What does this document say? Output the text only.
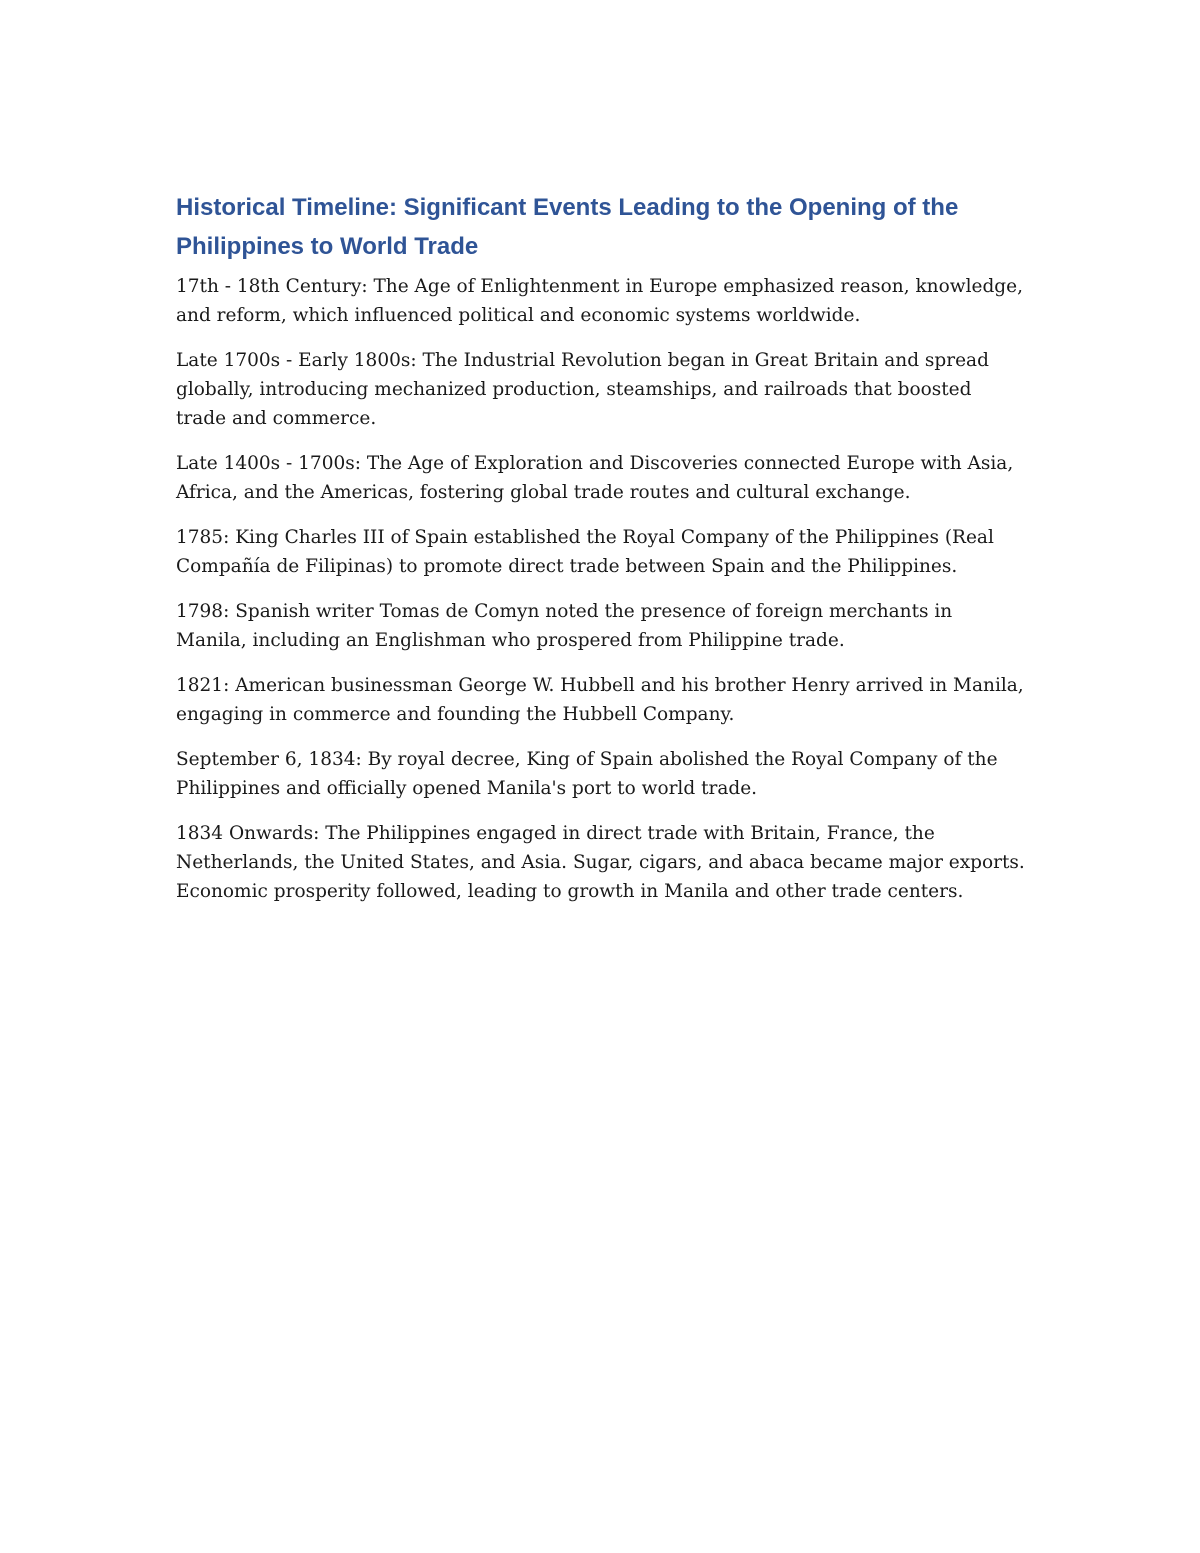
Historical Timeline: Significant Events Leading to the Opening of the Philippines to World Trade

17th - 18th Century: The Age of Enlightenment in Europe emphasized reason, knowledge, and reform, which influenced political and economic systems worldwide.

Late 1700s - Early 1800s: The Industrial Revolution began in Great Britain and spread globally, introducing mechanized production, steamships, and railroads that boosted trade and commerce.

Late 1400s - 1700s: The Age of Exploration and Discoveries connected Europe with Asia, Africa, and the Americas, fostering global trade routes and cultural exchange.

1785: King Charles III of Spain established the Royal Company of the Philippines (Real Compañía de Filipinas) to promote direct trade between Spain and the Philippines.

1798: Spanish writer Tomas de Comyn noted the presence of foreign merchants in Manila, including an Englishman who prospered from Philippine trade.

1821: American businessman George W. Hubbell and his brother Henry arrived in Manila, engaging in commerce and founding the Hubbell Company.

September 6, 1834: By royal decree, King of Spain abolished the Royal Company of the Philippines and officially opened Manila's port to world trade.

1834 Onwards: The Philippines engaged in direct trade with Britain, France, the Netherlands, the United States, and Asia. Sugar, cigars, and abaca became major exports. Economic prosperity followed, leading to growth in Manila and other trade centers.
